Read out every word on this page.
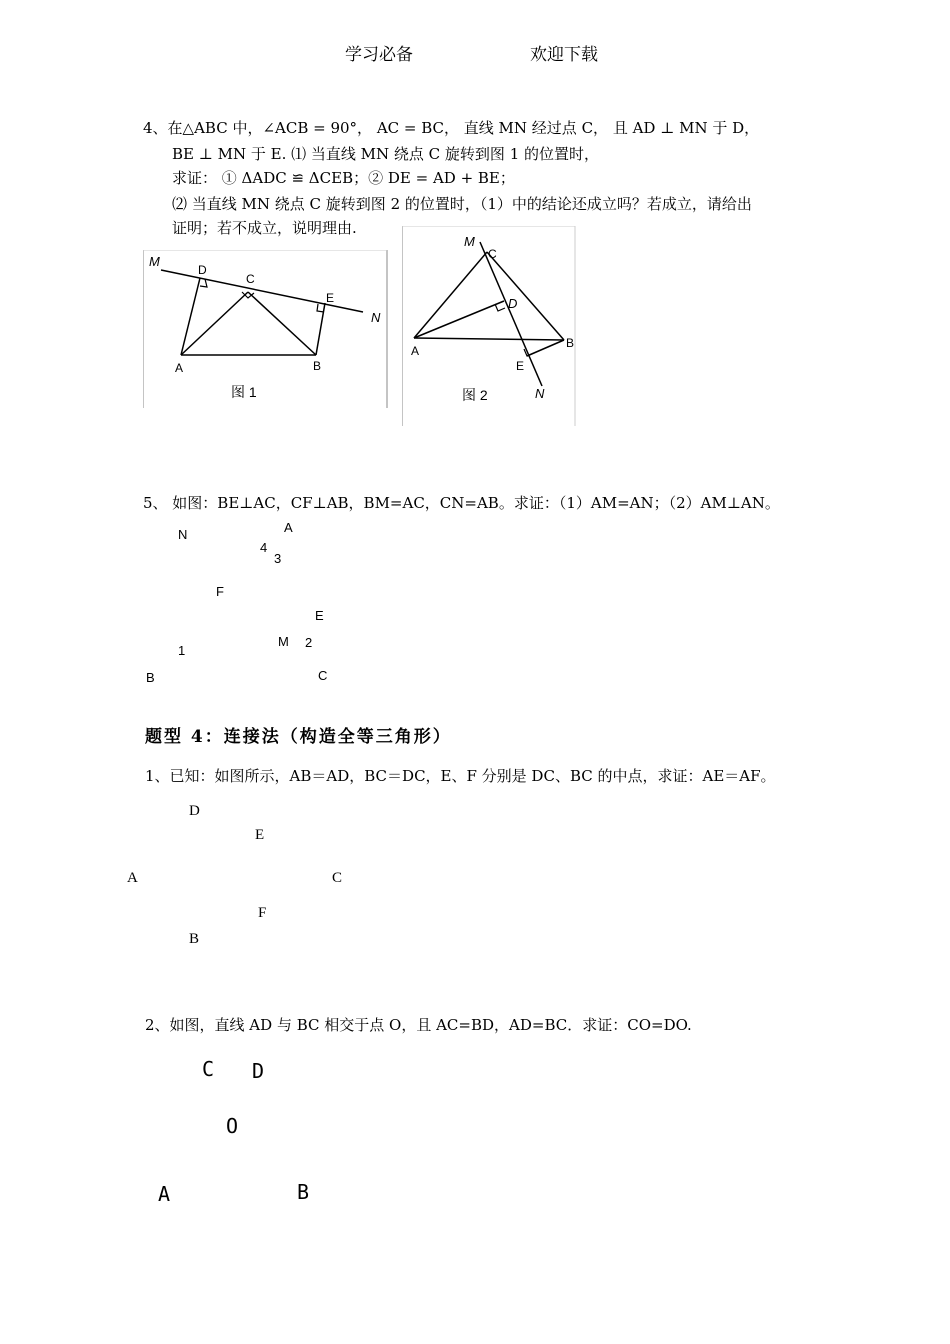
学习必备	欢迎下载
4、在△ABC 中，∠ACB = 90°， AC = BC， 直线 MN 经过点 C， 且 AD ⊥ MN 于 D，
BE ⊥ MN 于 E. ⑴ 当直线 MN 绕点 C 旋转到图 1 的位置时，
求证： ① ΔADC ≌ ΔCEB；② DE = AD + BE；
⑵ 当直线 MN 绕点 C 旋转到图 2 的位置时，（1）中的结论还成立吗？若成立，请给出
证明；若不成立，说明理由.
M
D
C
E
N
A	B
图 1
M
C
D
A
B
E
N
图 2
5、 如图：BE⊥AC，CF⊥AB，BM=AC，CN=AB。求证：（1）AM=AN；（2）AM⊥AN。
N	A
4
3
F
E
1
M 2
B	C
题型 4：连接法（构造全等三角形）
1、已知：如图所示，AB＝AD，BC＝DC，E、F 分别是 DC、BC 的中点，求证：AE＝AF。
D
E
A	C
F
B
2、如图，直线 AD 与 BC 相交于点 O，且 AC=BD，AD=BC．求证：CO=DO.
C D
O
A	B
